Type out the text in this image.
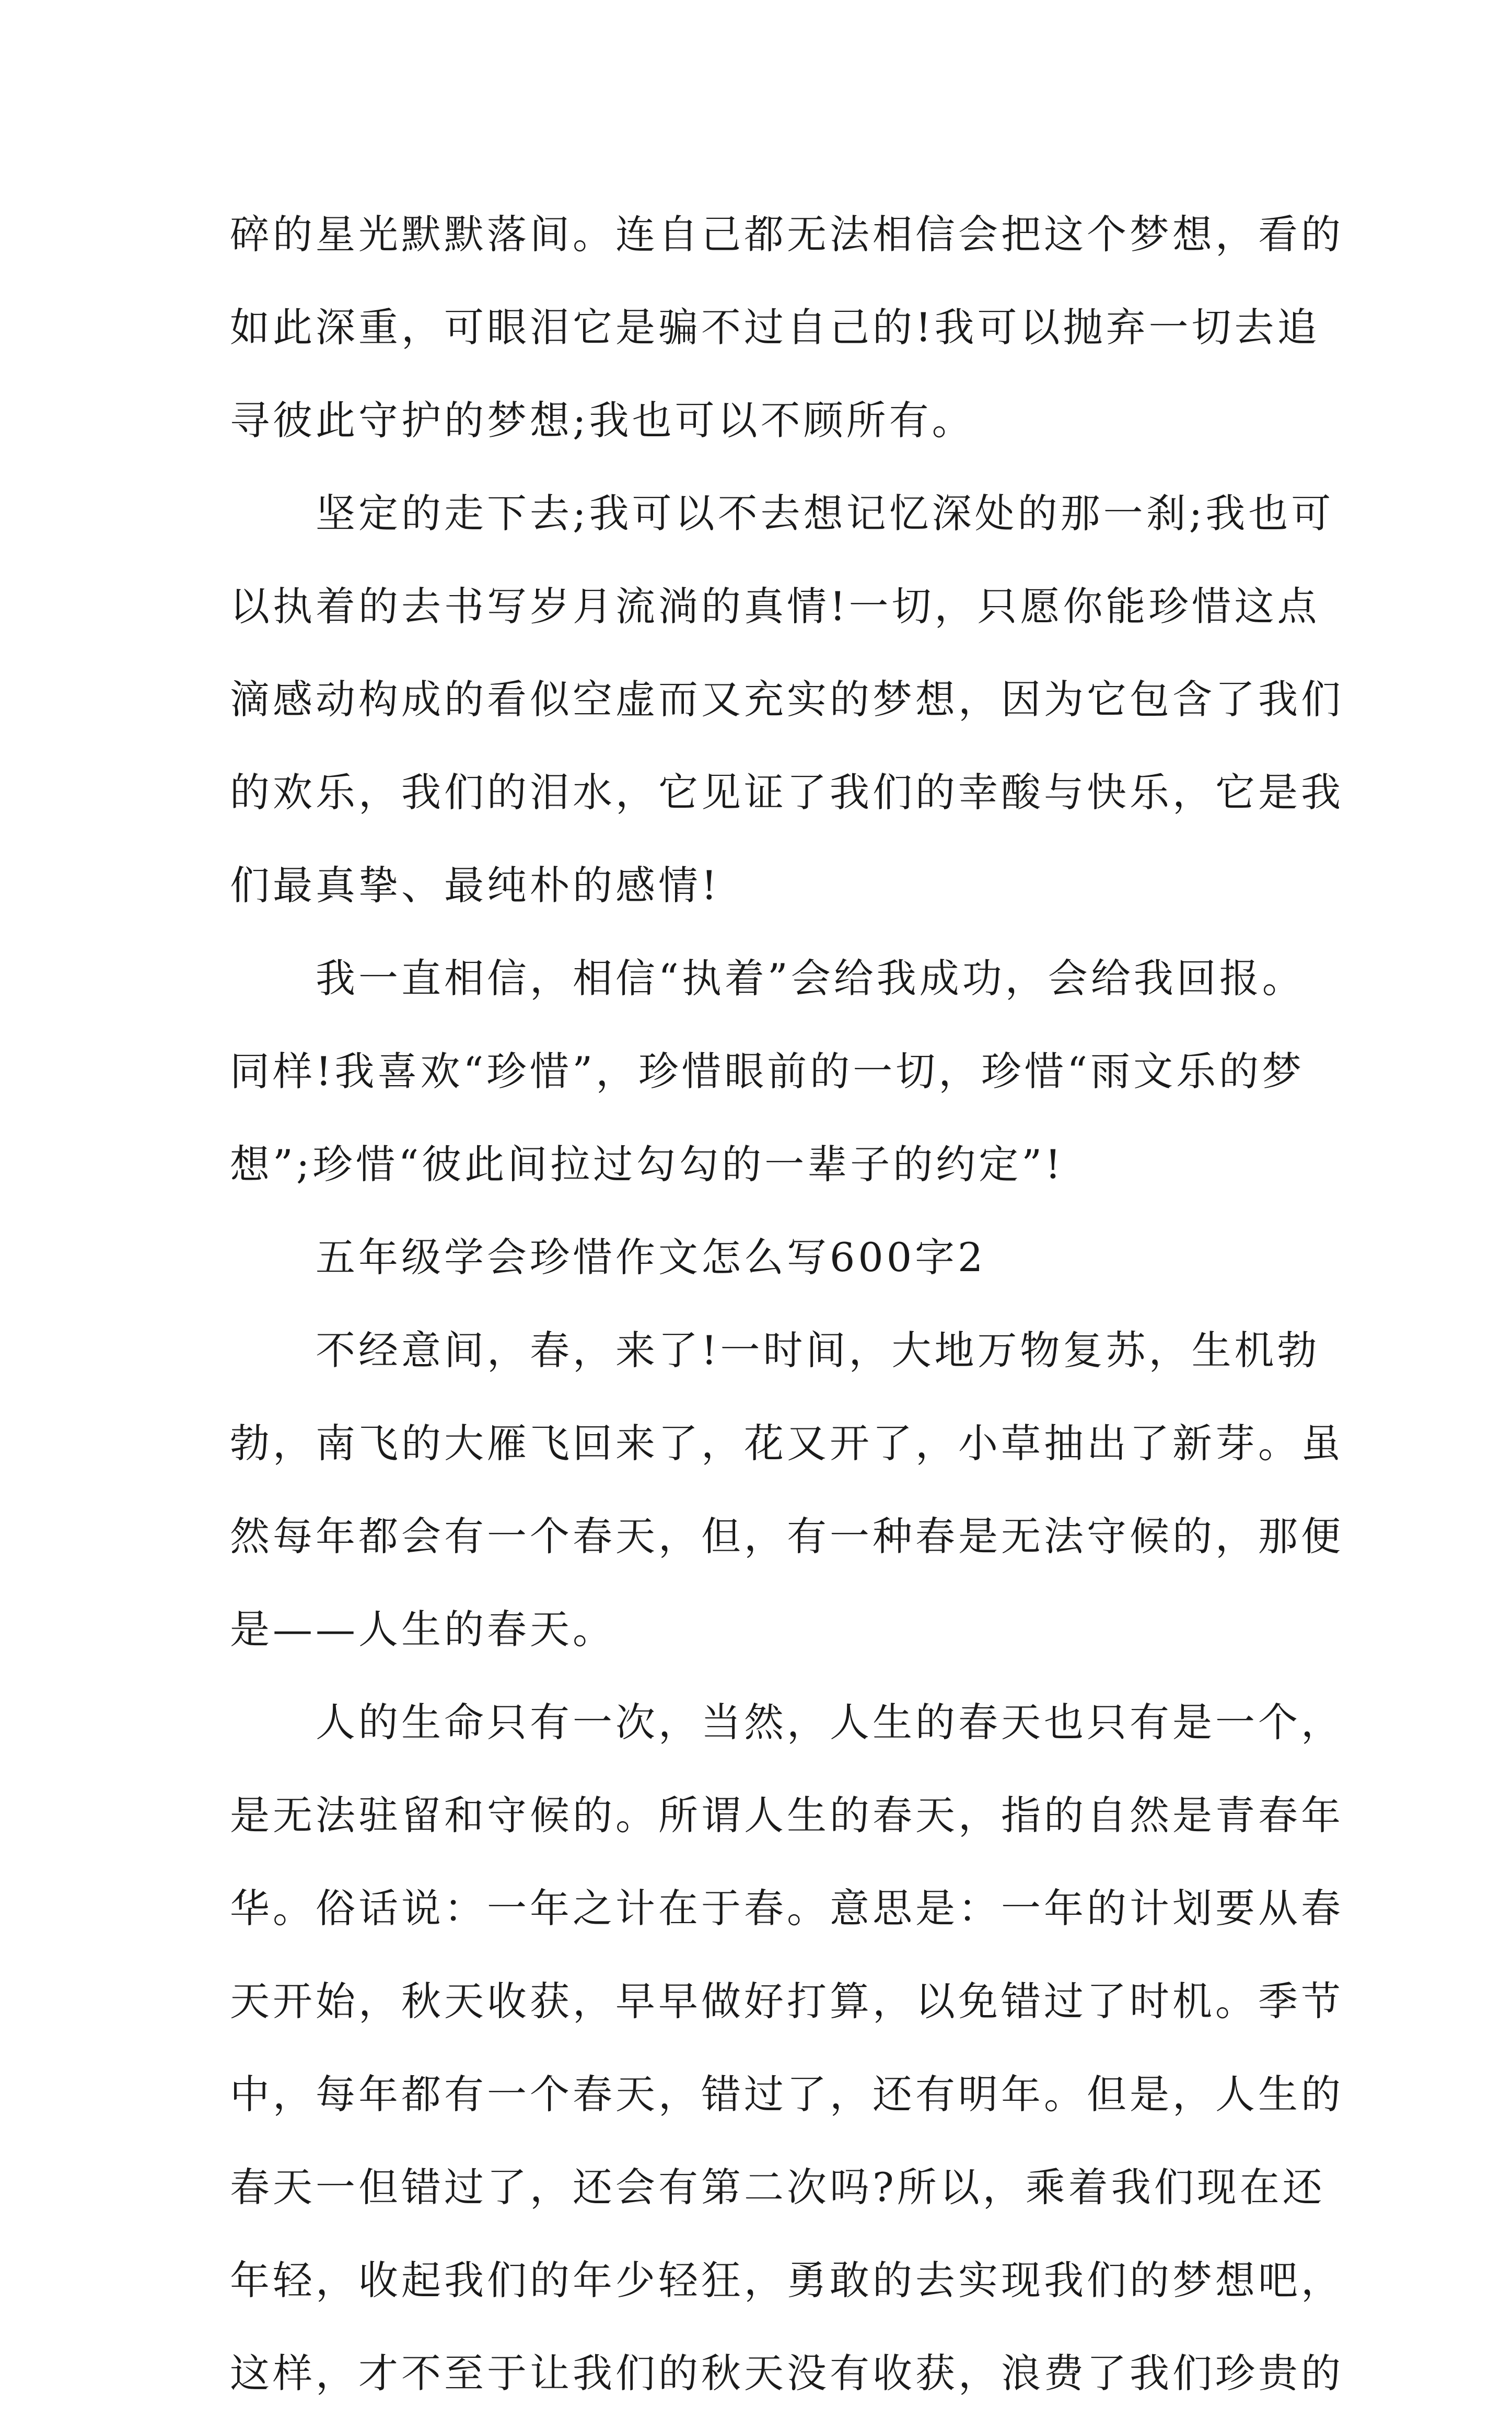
碎的星光默默落间。连自己都无法相信会把这个梦想，看的
如此深重，可眼泪它是骗不过自己的!我可以抛弃一切去追
寻彼此守护的梦想;我也可以不顾所有。
坚定的走下去;我可以不去想记忆深处的那一刹;我也可
以执着的去书写岁月流淌的真情!一切，只愿你能珍惜这点
滴感动构成的看似空虚而又充实的梦想，因为它包含了我们
的欢乐，我们的泪水，它见证了我们的幸酸与快乐，它是我
们最真挚、最纯朴的感情!
我一直相信，相信“执着”会给我成功，会给我回报。
同样!我喜欢“珍惜”，珍惜眼前的一切，珍惜“雨文乐的梦
想”;珍惜“彼此间拉过勾勾的一辈子的约定”!
五年级学会珍惜作文怎么写600字2
不经意间，春，来了!一时间，大地万物复苏，生机勃
勃，南飞的大雁飞回来了，花又开了，小草抽出了新芽。虽
然每年都会有一个春天，但，有一种春是无法守候的，那便
是——人生的春天。
人的生命只有一次，当然，人生的春天也只有是一个，
是无法驻留和守候的。所谓人生的春天，指的自然是青春年
华。俗话说：一年之计在于春。意思是：一年的计划要从春
天开始，秋天收获，早早做好打算，以免错过了时机。季节
中，每年都有一个春天，错过了，还有明年。但是，人生的
春天一但错过了，还会有第二次吗?所以，乘着我们现在还
年轻，收起我们的年少轻狂，勇敢的去实现我们的梦想吧，
这样，才不至于让我们的秋天没有收获，浪费了我们珍贵的
